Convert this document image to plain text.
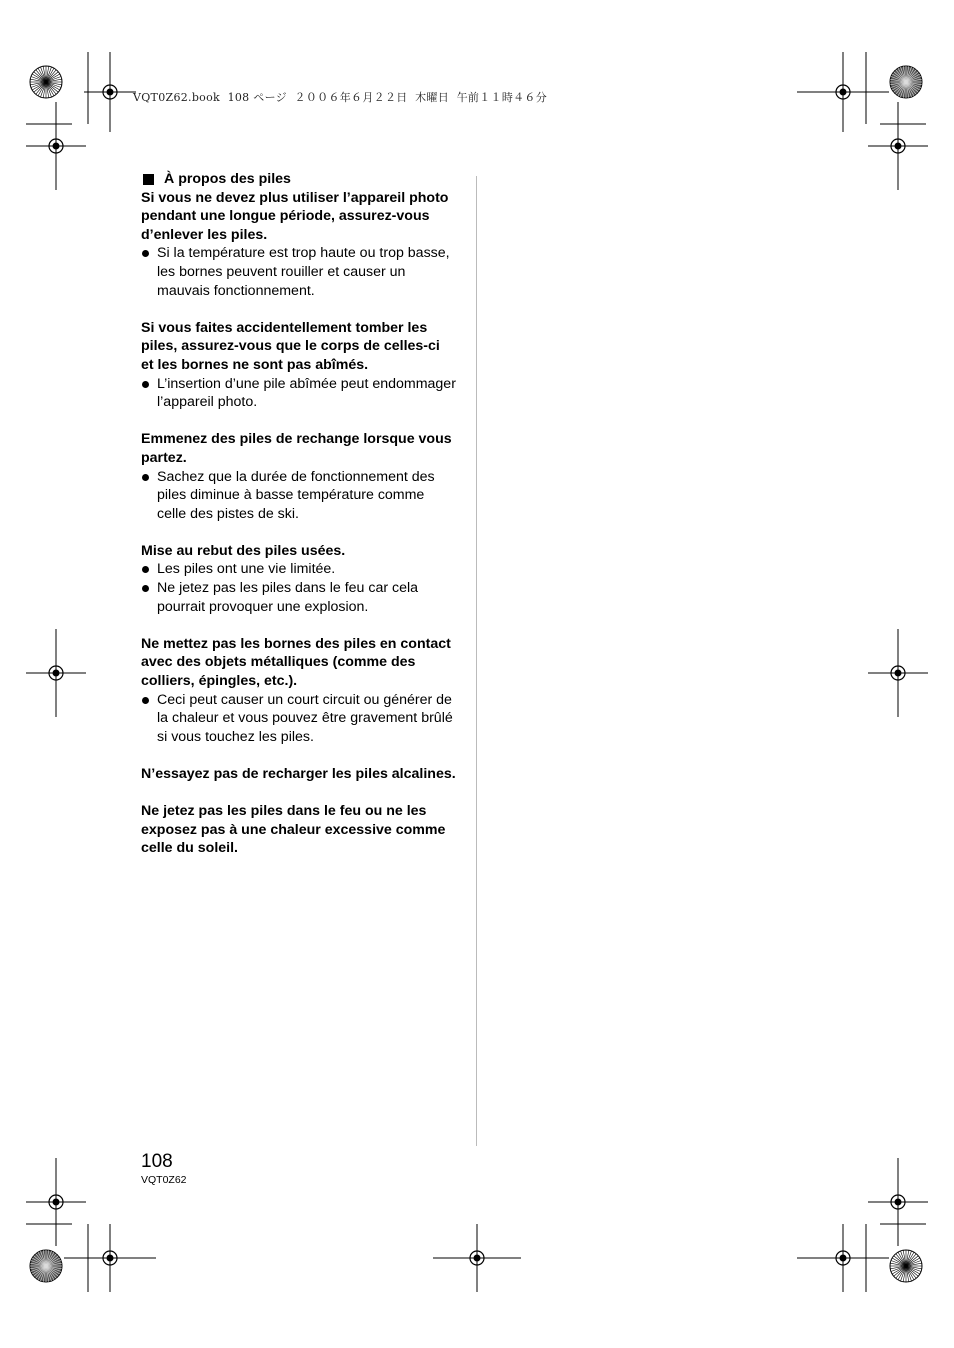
VQT0Z62.book  108 ページ  ２００６年６月２２日  木曜日  午前１１時４６分
À propos des piles
Si vous ne devez plus utiliser l’appareil photo
pendant une longue période, assurez-vous
d’enlever les piles.
Si la température est trop haute ou trop basse,
les bornes peuvent rouiller et causer un
mauvais fonctionnement.
Si vous faites accidentellement tomber les
piles, assurez-vous que le corps de celles-ci
et les bornes ne sont pas abîmés.
L’insertion d’une pile abîmée peut endommager
l’appareil photo.
Emmenez des piles de rechange lorsque vous
partez.
Sachez que la durée de fonctionnement des
piles diminue à basse température comme
celle des pistes de ski.
Mise au rebut des piles usées.
Les piles ont une vie limitée.
Ne jetez pas les piles dans le feu car cela
pourrait provoquer une explosion.
Ne mettez pas les bornes des piles en contact
avec des objets métalliques (comme des
colliers, épingles, etc.).
Ceci peut causer un court circuit ou générer de
la chaleur et vous pouvez être gravement brûlé
si vous touchez les piles.
N’essayez pas de recharger les piles alcalines.
Ne jetez pas les piles dans le feu ou ne les
exposez pas à une chaleur excessive comme
celle du soleil.
108
VQT0Z62
